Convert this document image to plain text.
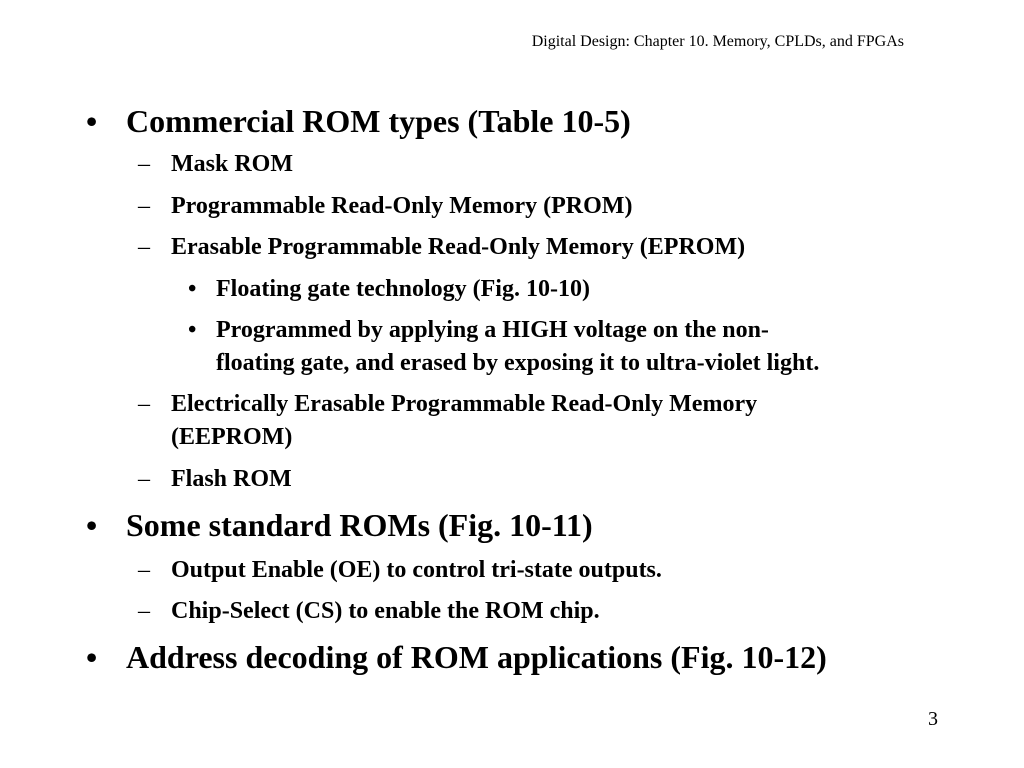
Digital Design: Chapter 10. Memory, CPLDs, and FPGAs
• Commercial ROM types (Table 10-5)
– Mask ROM
– Programmable Read-Only Memory (PROM)
– Erasable Programmable Read-Only Memory (EPROM)
• Floating gate technology (Fig. 10-10)
• Programmed by applying a HIGH voltage on the non-
floating gate, and erased by exposing it to ultra-violet light.
– Electrically Erasable Programmable Read-Only Memory
(EEPROM)
– Flash ROM
• Some standard ROMs (Fig. 10-11)
– Output Enable (OE) to control tri-state outputs.
– Chip-Select (CS) to enable the ROM chip.
• Address decoding of ROM applications (Fig. 10-12)
3
